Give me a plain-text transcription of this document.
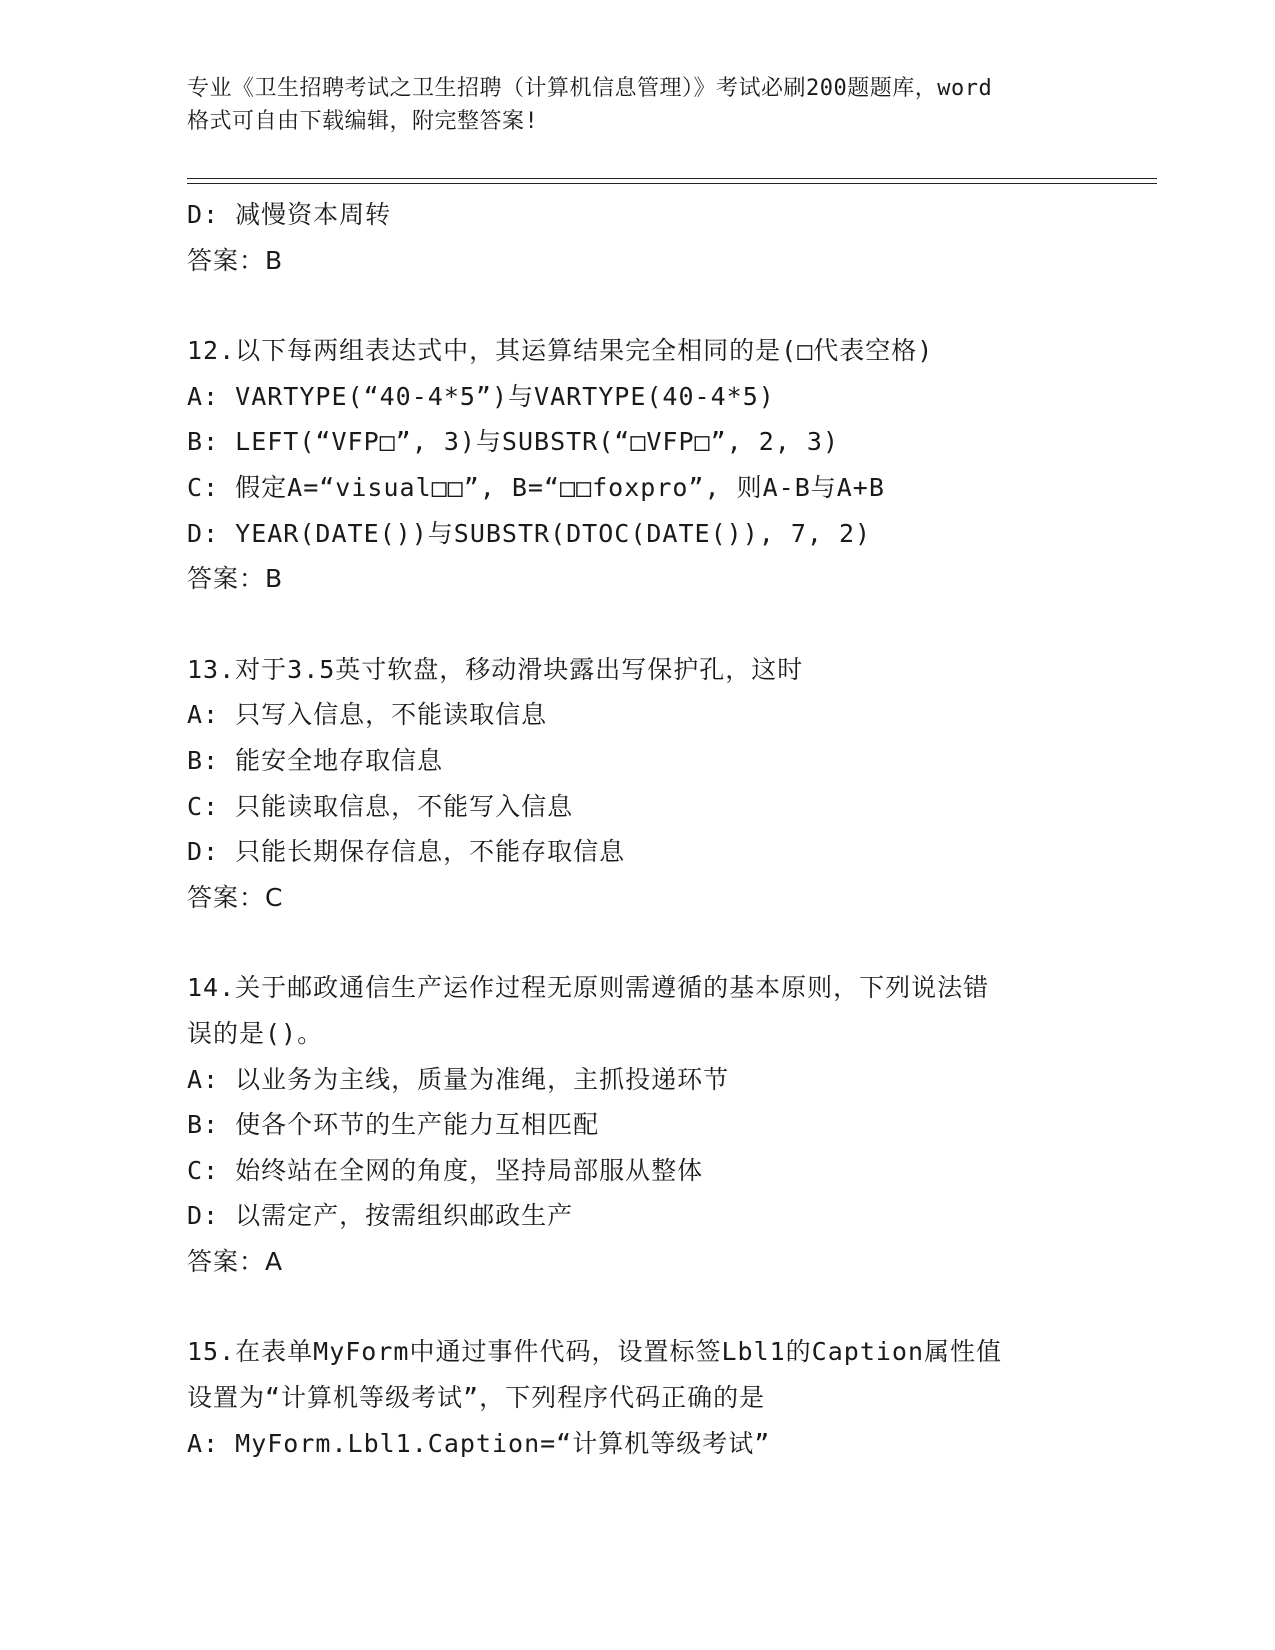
专业《卫生招聘考试之卫生招聘（计算机信息管理）》考试必刷200题题库，word

格式可自由下载编辑，附完整答案!

D: 减慢资本周转
答案：B
12.以下每两组表达式中，其运算结果完全相同的是(□代表空格)
A: VARTYPE(“40-4*5”)与VARTYPE(40-4*5)
B: LEFT(“VFP□”, 3)与SUBSTR(“□VFP□”, 2, 3)
C: 假定A=“visual□□”, B=“□□foxpro”, 则A-B与A+B
D: YEAR(DATE())与SUBSTR(DTOC(DATE()), 7, 2)
答案：B
13.对于3.5英寸软盘，移动滑块露出写保护孔，这时
A: 只写入信息，不能读取信息
B: 能安全地存取信息
C: 只能读取信息，不能写入信息
D: 只能长期保存信息，不能存取信息
答案：C
14.关于邮政通信生产运作过程无原则需遵循的基本原则，下列说法错
误的是()。
A: 以业务为主线，质量为准绳，主抓投递环节
B: 使各个环节的生产能力互相匹配
C: 始终站在全网的角度，坚持局部服从整体
D: 以需定产，按需组织邮政生产
答案：A
15.在表单MyForm中通过事件代码，设置标签Lbl1的Caption属性值
设置为“计算机等级考试”，下列程序代码正确的是
A: MyForm.Lbl1.Caption=“计算机等级考试”
